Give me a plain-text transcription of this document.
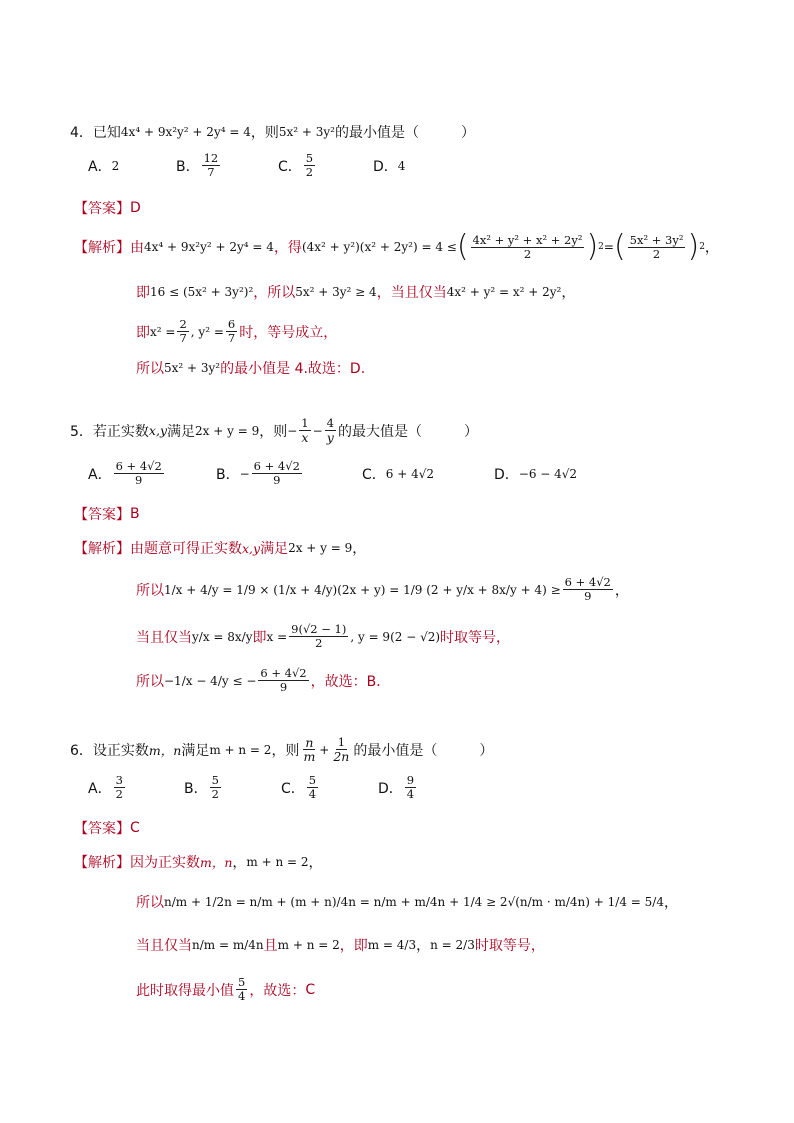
4．已知 4x⁴ + 9x²y² + 2y⁴ = 4 ，则 5x² + 3y² 的最小值是（　　　）
A． 2	B． $\frac{12}{7}$	C． $\frac{5}{2}$	D． 4
【答案】 D
【解析】 由 4x⁴ + 9x²y² + 2y⁴ = 4 ，得 (4x² + y²)(x² + 2y²) = 4 ≤ ( $\frac{\text{4x² + y² + x² + 2y²}}{2}$ ) 2 = ( $\frac{\text{5x² + 3y²}}{2}$ ) 2 ，
即 16 ≤ (5x² + 3y²)² ，所以 5x² + 3y² ≥ 4 ，当且仅当 4x² + y² = x² + 2y² ，
即 $x^2 = \frac{2}{7}$ , $y^2 = \frac{6}{7}$ 时，等号成立，
所以 5x² + 3y² 的最小值是 4.故选：D.
5．若正实数 x,y 满足 2x + y = 9 ，则 − $\frac{1}{x} - \frac{4}{y}$ 的最大值是（　　　）
A． $\frac{6 + 4√2}{9}$	B． − $\frac{6 + 4√2}{9}$	C． 6 + 4√2	D． −6 − 4√2
【答案】 B
【解析】 由题意可得正实数 x,y 满足 2x + y = 9 ，
所以 1/x + 4/y = 1/9 × (1/x + 4/y)(2x + y) = 1/9 $(2 + y/x + 8x/y + 4) \ge \frac{6 + 4√2}{9}$ ，
当且仅当 y/x = 8x/y 即 $x = \frac{9(√2 - 1)}{2}$ , y = 9(2 − √2) 时取等号，
所以 −1/x − 4/y ≤ − $\frac{6 + 4√2}{9}$ ，故选：B．
6．设正实数 m，n 满足 m + n = 2 ，则 $\frac{n}{m} + \frac{1}{2n}$ 的最小值是（　　　）
A． $\frac{3}{2}$	B． $\frac{5}{2}$	C． $\frac{5}{4}$	D． $\frac{9}{4}$
【答案】 C
【解析】 因为正实数 m，n ， m + n = 2 ，
所以 n/m + 1/2n = n/m + (m + n)/4n = n/m + m/4n + 1/4 ≥ 2√(n/m · m/4n) + 1/4 = 5/4 ，
当且仅当 n/m = m/4n 且 m + n = 2 ，即 m = 4/3 ， n = 2/3 时取等号，
此时取得最小值 $\frac{5}{4}$ ，故选： C
